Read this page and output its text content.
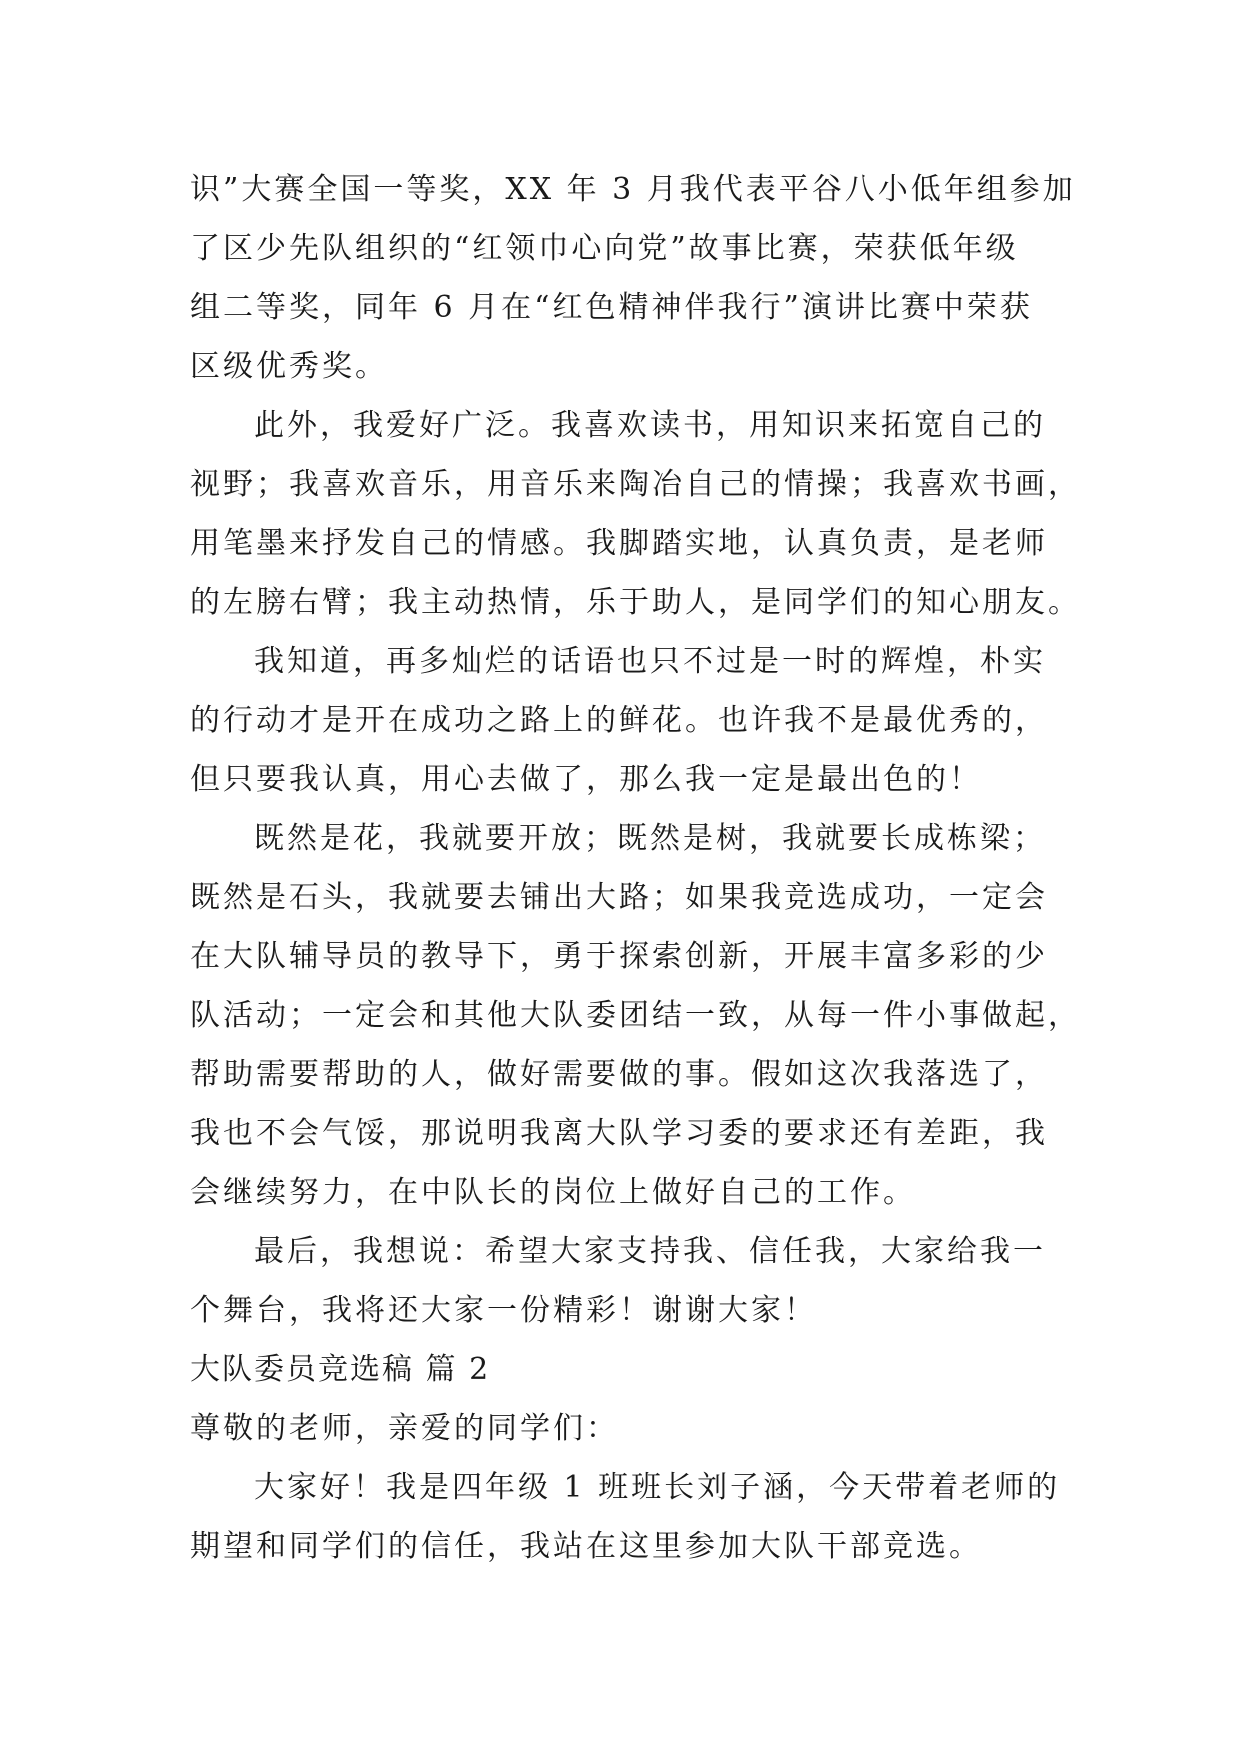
识”大赛全国一等奖，XX 年 3 月我代表平谷八小低年组参加
了区少先队组织的“红领巾心向党”故事比赛，荣获低年级
组二等奖，同年 6 月在“红色精神伴我行”演讲比赛中荣获
区级优秀奖。
此外，我爱好广泛。我喜欢读书，用知识来拓宽自己的
视野；我喜欢音乐，用音乐来陶冶自己的情操；我喜欢书画，
用笔墨来抒发自己的情感。我脚踏实地，认真负责，是老师
的左膀右臂；我主动热情，乐于助人，是同学们的知心朋友。
我知道，再多灿烂的话语也只不过是一时的辉煌，朴实
的行动才是开在成功之路上的鲜花。也许我不是最优秀的，
但只要我认真，用心去做了，那么我一定是最出色的！
既然是花，我就要开放；既然是树，我就要长成栋梁；
既然是石头，我就要去铺出大路；如果我竞选成功，一定会
在大队辅导员的教导下，勇于探索创新，开展丰富多彩的少
队活动；一定会和其他大队委团结一致，从每一件小事做起，
帮助需要帮助的人，做好需要做的事。假如这次我落选了，
我也不会气馁，那说明我离大队学习委的要求还有差距，我
会继续努力，在中队长的岗位上做好自己的工作。
最后，我想说：希望大家支持我、信任我，大家给我一
个舞台，我将还大家一份精彩！谢谢大家！
大队委员竞选稿 篇 2
尊敬的老师，亲爱的同学们：
大家好！我是四年级 1 班班长刘子涵，今天带着老师的
期望和同学们的信任，我站在这里参加大队干部竞选。
